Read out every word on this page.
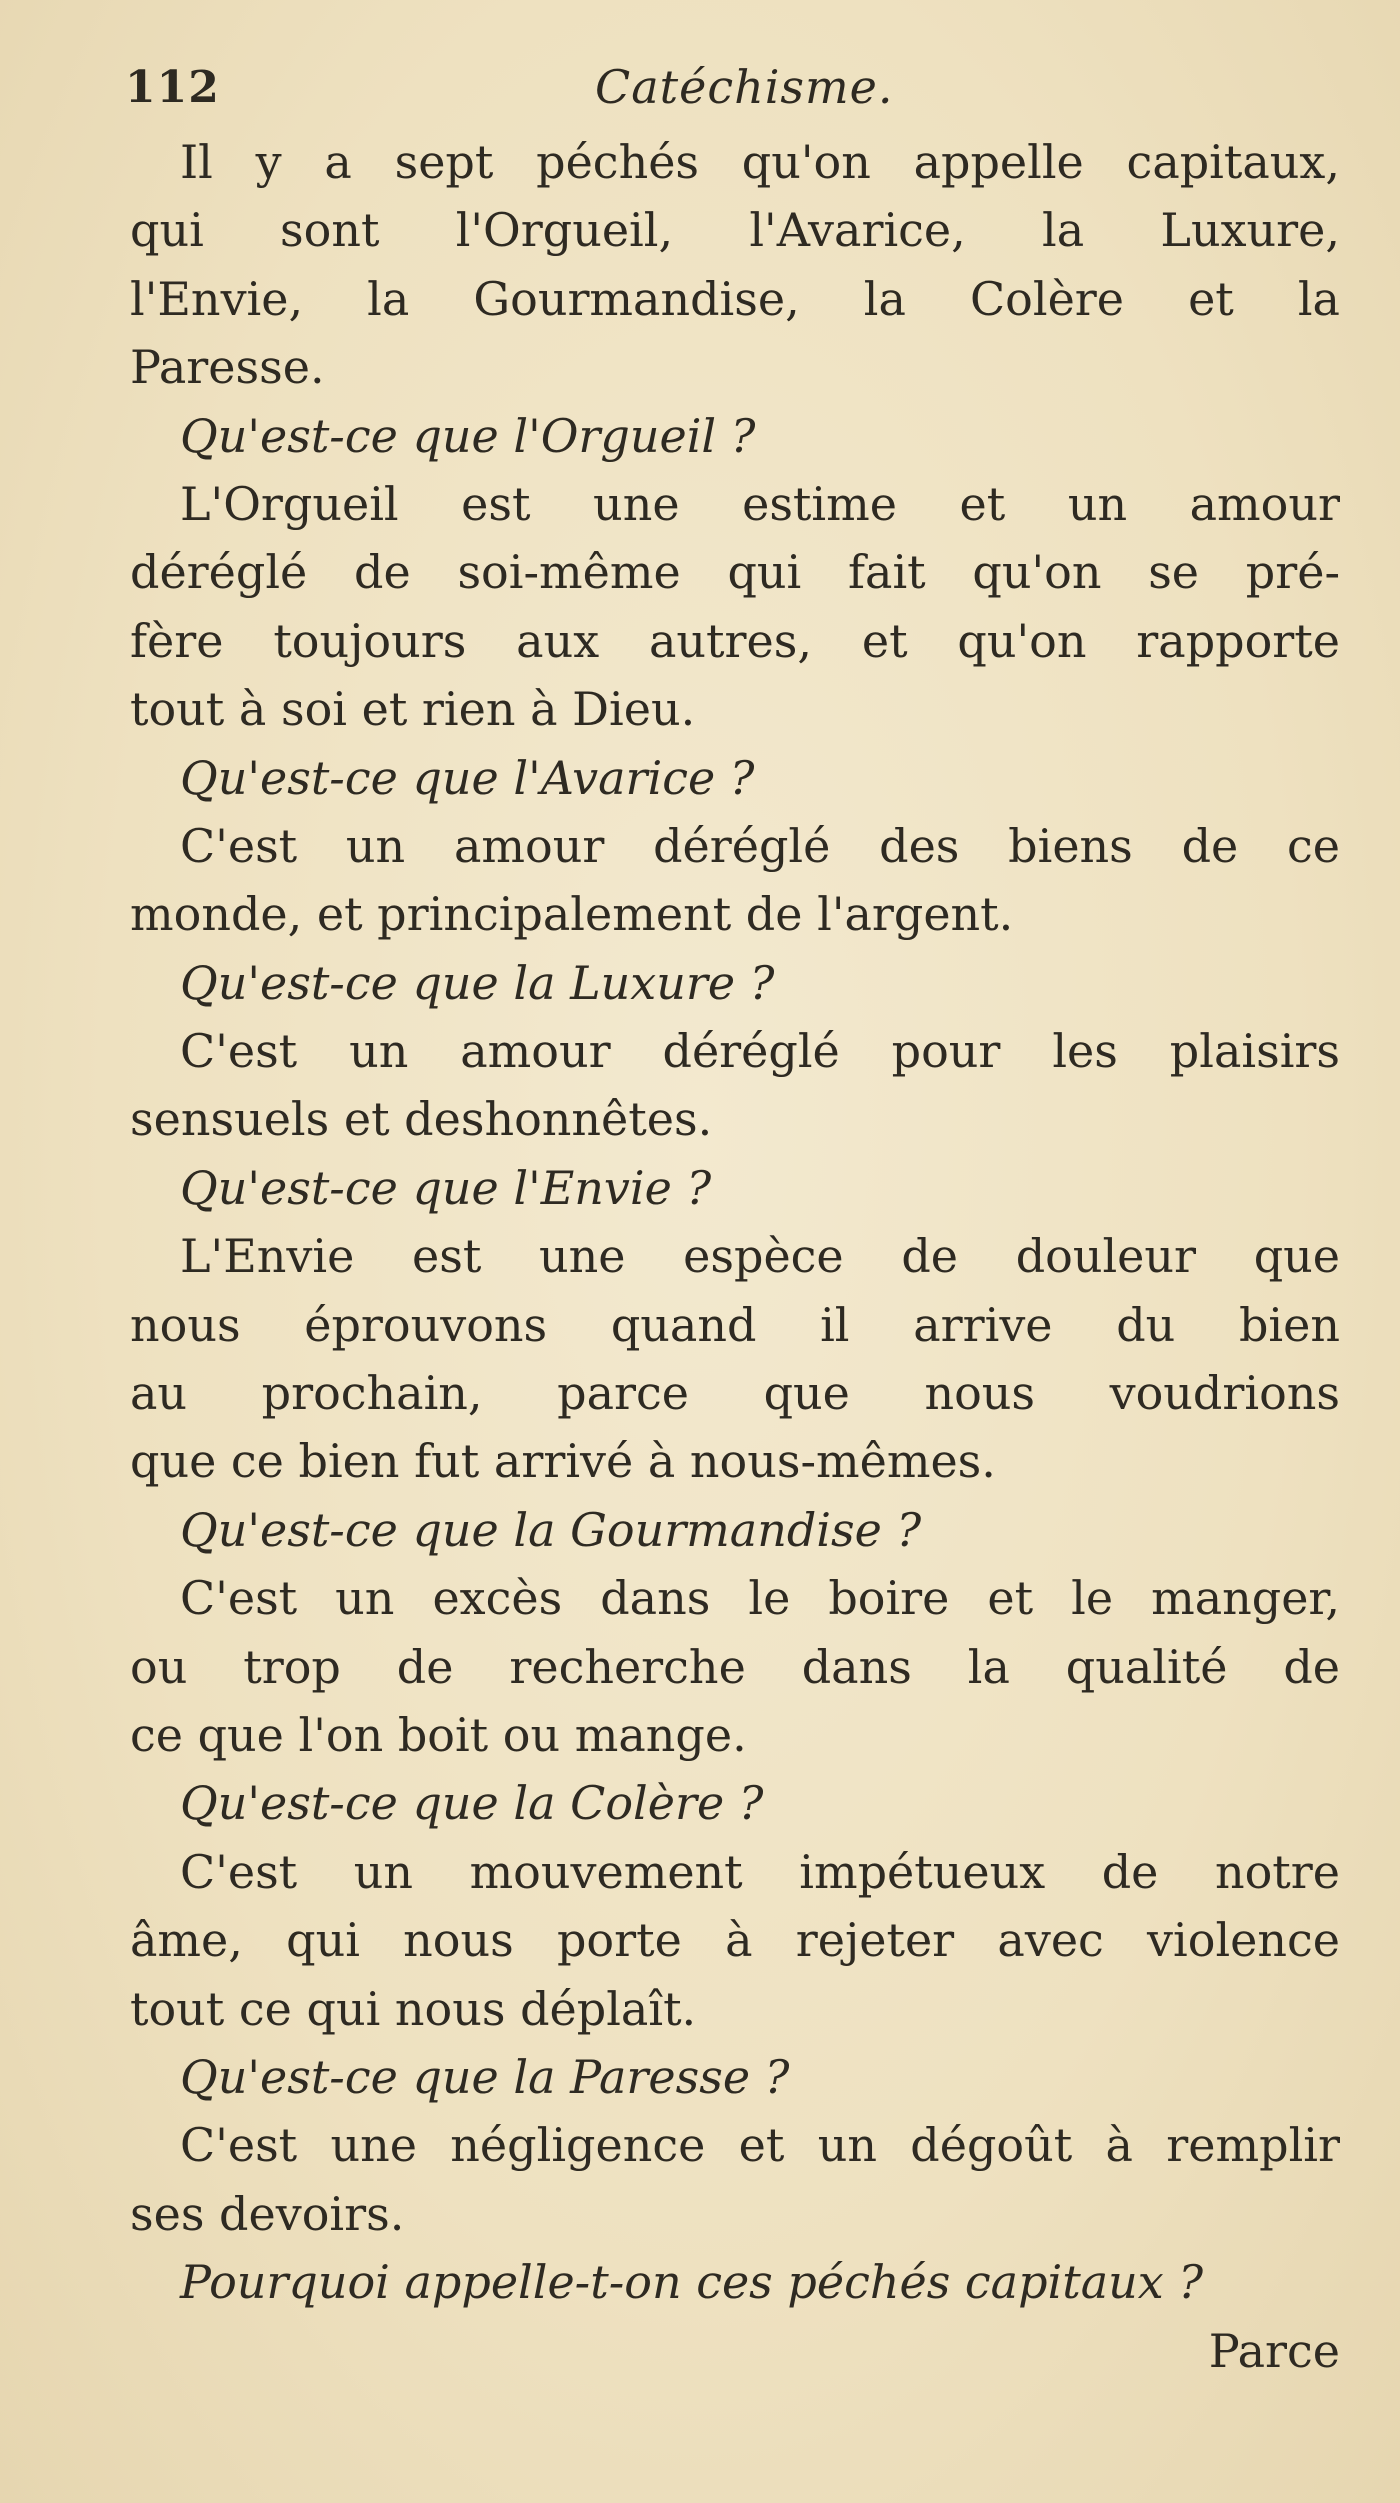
112	Catéchisme.
Il y a sept péchés qu'on appelle capitaux,
qui sont l'Orgueil, l'Avarice, la Luxure,
l'Envie, la Gourmandise, la Colère et la
Paresse.
Qu'est-ce que l'Orgueil ?
L'Orgueil est une estime et un amour
déréglé de soi-même qui fait qu'on se pré-
fère toujours aux autres, et qu'on rapporte
tout à soi et rien à Dieu.
Qu'est-ce que l'Avarice ?
C'est un amour déréglé des biens de ce
monde, et principalement de l'argent.
Qu'est-ce que la Luxure ?
C'est un amour déréglé pour les plaisirs
sensuels et deshonnêtes.
Qu'est-ce que l'Envie ?
L'Envie est une espèce de douleur que
nous éprouvons quand il arrive du bien
au prochain, parce que nous voudrions
que ce bien fut arrivé à nous-mêmes.
Qu'est-ce que la Gourmandise ?
C'est un excès dans le boire et le manger,
ou trop de recherche dans la qualité de
ce que l'on boit ou mange.
Qu'est-ce que la Colère ?
C'est un mouvement impétueux de notre
âme, qui nous porte à rejeter avec violence
tout ce qui nous déplaît.
Qu'est-ce que la Paresse ?
C'est une négligence et un dégoût à remplir
ses devoirs.
Pourquoi appelle-t-on ces péchés capitaux ?
Parce
